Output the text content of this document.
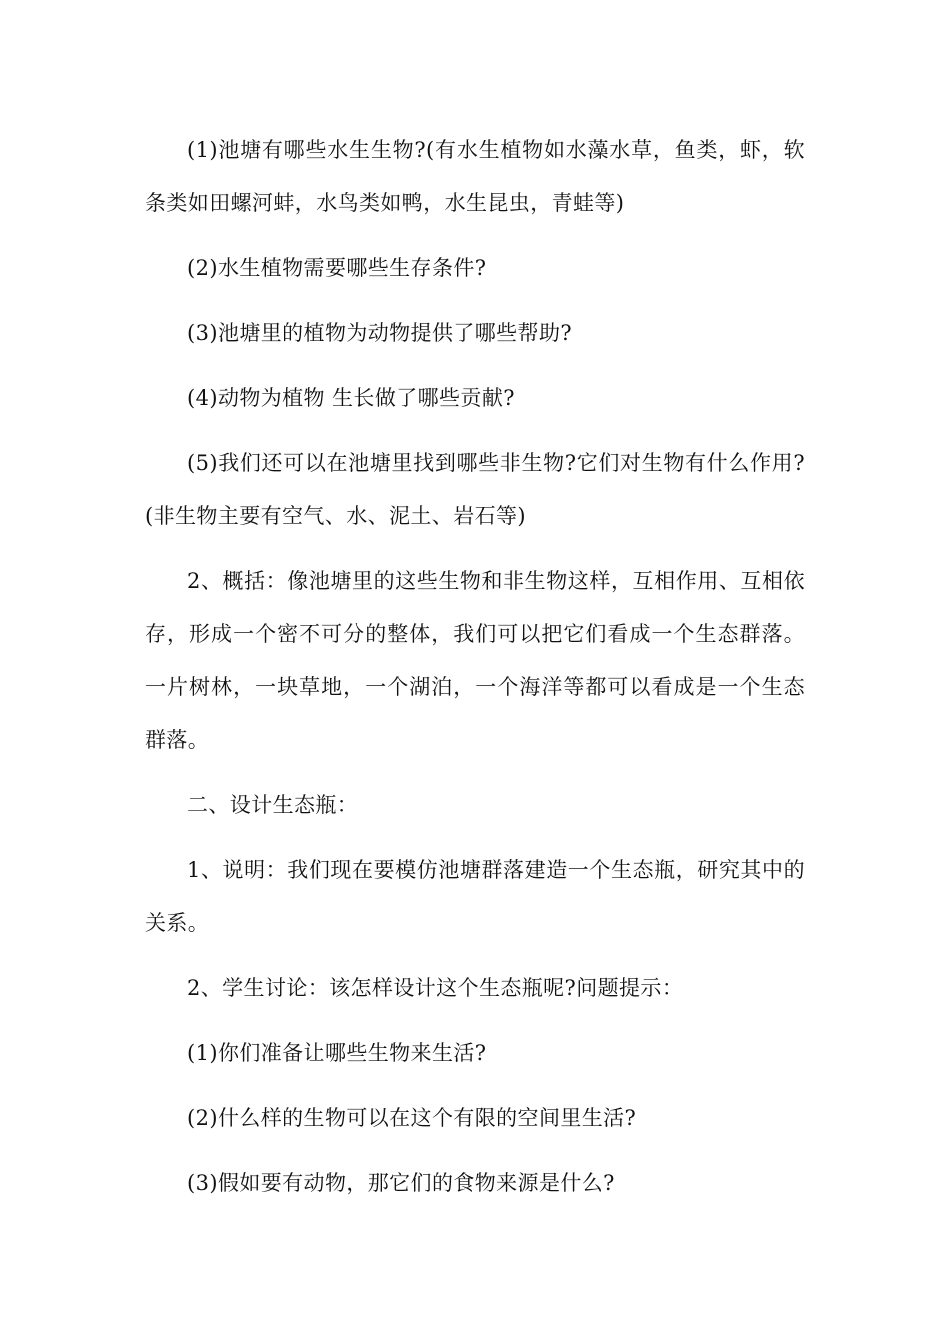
(1)池塘有哪些水生生物?(有水生植物如水藻水草，鱼类，虾，软条类如田螺河蚌，水鸟类如鸭，水生昆虫，青蛙等)

(2)水生植物需要哪些生存条件?

(3)池塘里的植物为动物提供了哪些帮助?

(4)动物为植物 生长做了哪些贡献?

(5)我们还可以在池塘里找到哪些非生物?它们对生物有什么作用?(非生物主要有空气、水、泥土、岩石等)

2、概括：像池塘里的这些生物和非生物这样，互相作用、互相依存，形成一个密不可分的整体，我们可以把它们看成一个生态群落。一片树林，一块草地，一个湖泊，一个海洋等都可以看成是一个生态群落。

二、设计生态瓶：

1、说明：我们现在要模仿池塘群落建造一个生态瓶，研究其中的关系。

2、学生讨论：该怎样设计这个生态瓶呢?问题提示：

(1)你们准备让哪些生物来生活?

(2)什么样的生物可以在这个有限的空间里生活?

(3)假如要有动物，那它们的食物来源是什么?
